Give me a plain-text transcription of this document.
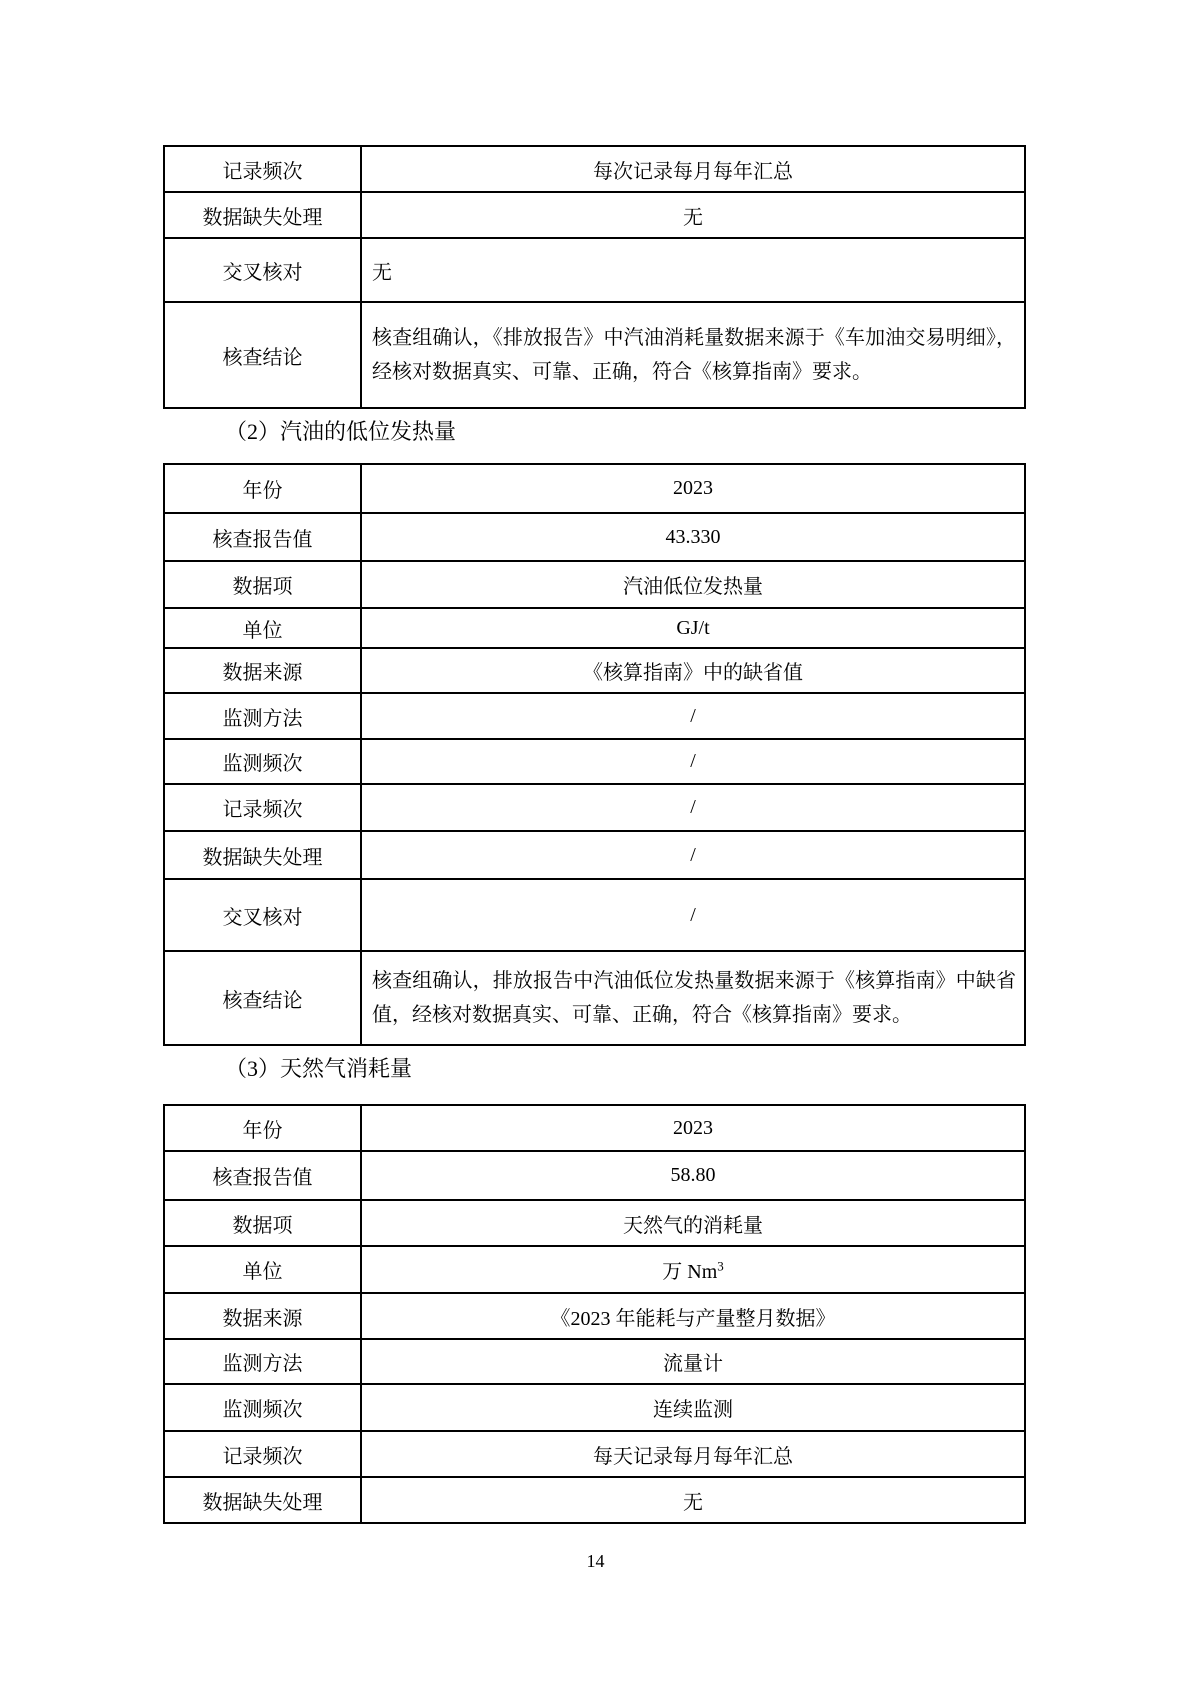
记录频次	每次记录每月每年汇总
数据缺失处理	无
交叉核对	无
核查结论	核查组确认，《排放报告》中汽油消耗量数据来源于《车加油交易明细》，经核对数据真实、可靠、正确，符合《核算指南》要求。
（2）汽油的低位发热量
年份	2023
核查报告值	43.330
数据项	汽油低位发热量
单位	GJ/t
数据来源	《核算指南》中的缺省值
监测方法	/
监测频次	/
记录频次	/
数据缺失处理	/
交叉核对	/
核查结论	核查组确认，排放报告中汽油低位发热量数据来源于《核算指南》中缺省值，经核对数据真实、可靠、正确，符合《核算指南》要求。
（3）天然气消耗量
年份	2023
核查报告值	58.80
数据项	天然气的消耗量
单位	万 Nm$^3$
数据来源	《2023 年能耗与产量整月数据》
监测方法	流量计
监测频次	连续监测
记录频次	每天记录每月每年汇总
数据缺失处理	无
14
